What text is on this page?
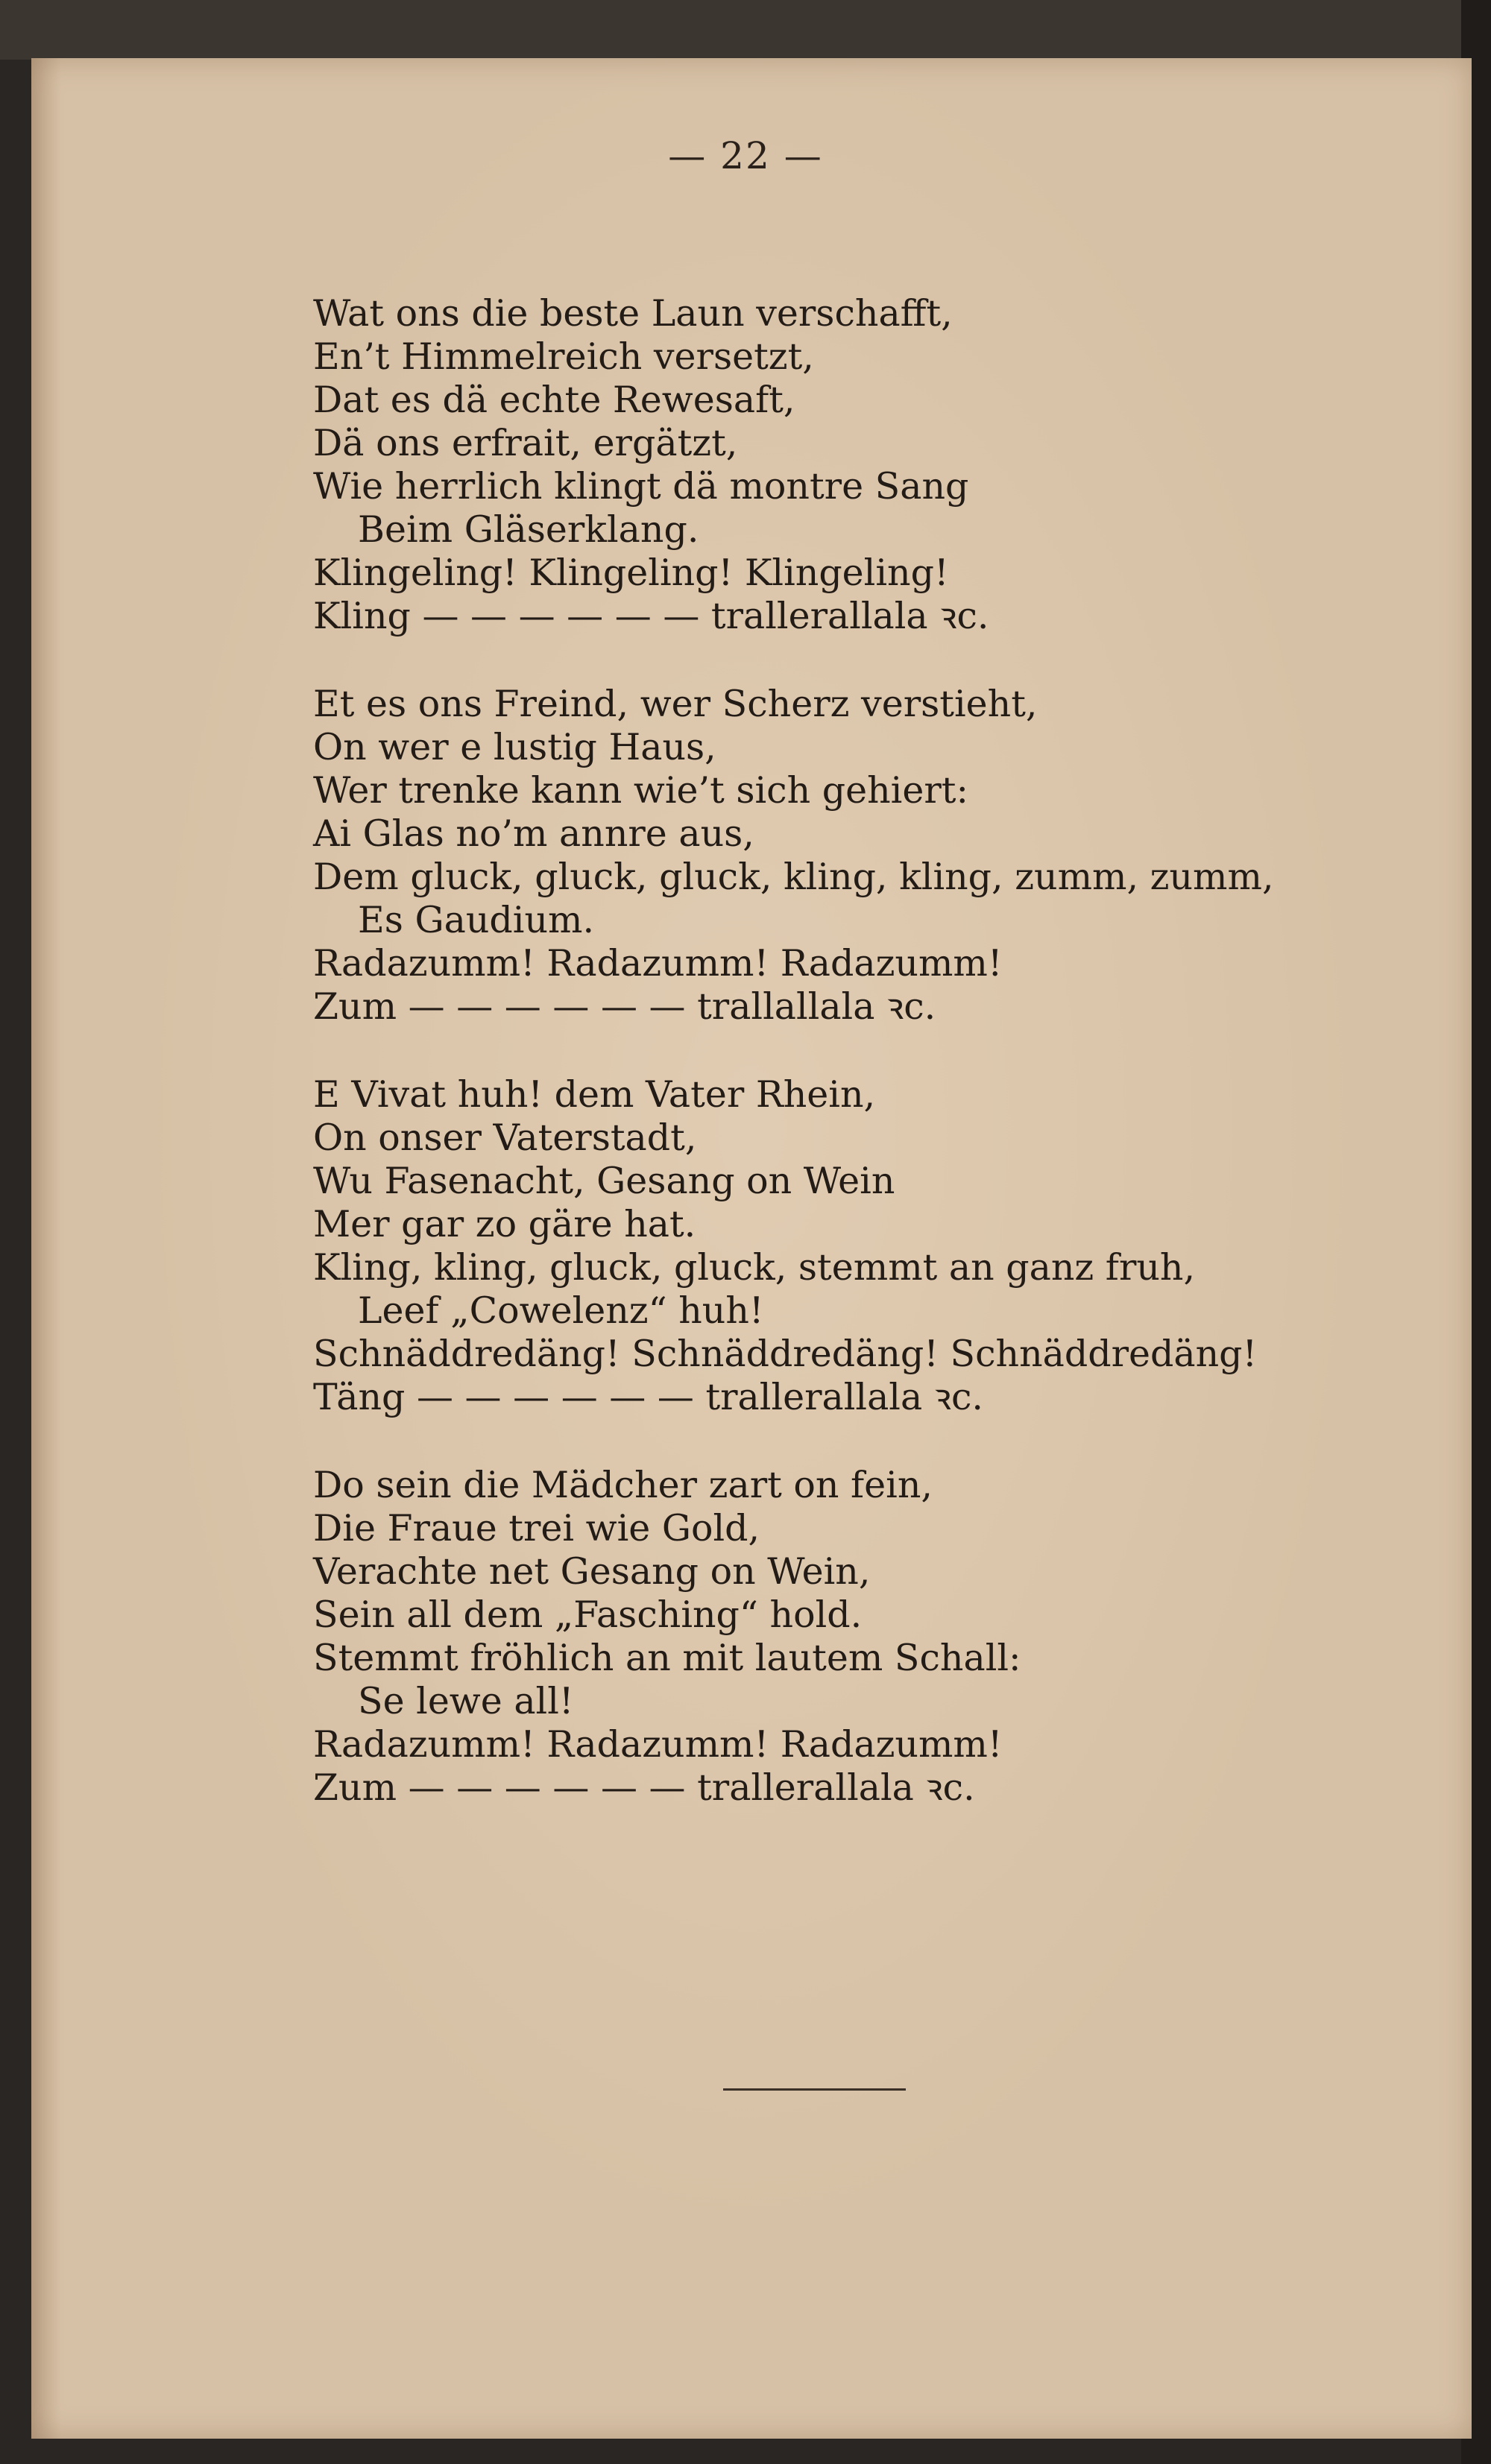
— 22 —
Wat ons die beste Laun verschafft,
En’t Himmelreich versetzt,
Dat es dä echte Rewesaft,
Dä ons erfrait, ergätzt,
Wie herrlich klingt dä montre Sang
Beim Gläserklang.
Klingeling! Klingeling! Klingeling!
Kling — — — — — — trallerallala ꝛc.
Et es ons Freind, wer Scherz verstieht,
On wer e lustig Haus,
Wer trenke kann wie’t sich gehiert:
Ai Glas no’m annre aus,
Dem gluck, gluck, gluck, kling, kling, zumm, zumm,
Es Gaudium.
Radazumm! Radazumm! Radazumm!
Zum — — — — — — trallallala ꝛc.
E Vivat huh! dem Vater Rhein,
On onser Vaterstadt,
Wu Fasenacht, Gesang on Wein
Mer gar zo gäre hat.
Kling, kling, gluck, gluck, stemmt an ganz fruh,
Leef „Cowelenz“ huh!
Schnäddredäng! Schnäddredäng! Schnäddredäng!
Täng — — — — — — trallerallala ꝛc.
Do sein die Mädcher zart on fein,
Die Fraue trei wie Gold,
Verachte net Gesang on Wein,
Sein all dem „Fasching“ hold.
Stemmt fröhlich an mit lautem Schall:
Se lewe all!
Radazumm! Radazumm! Radazumm!
Zum — — — — — — trallerallala ꝛc.
